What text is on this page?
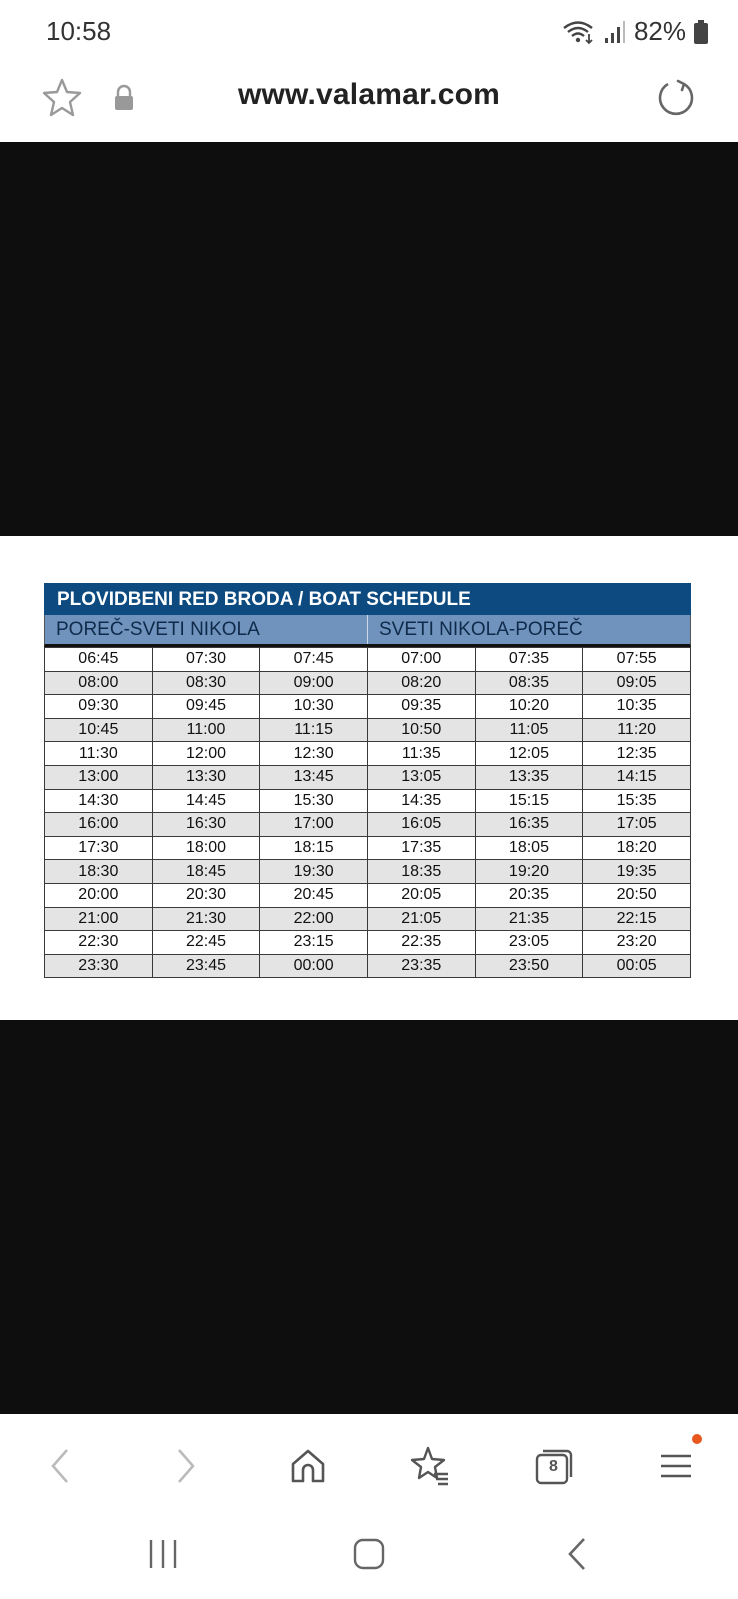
10:58	82%
www.valamar.com
PLOVIDBENI RED BRODA / BOAT SCHEDULE
POREČ-SVETI NIKOLA	SVETI NIKOLA-POREČ
06:45	07:30	07:45	07:00	07:35	07:55
08:00	08:30	09:00	08:20	08:35	09:05
09:30	09:45	10:30	09:35	10:20	10:35
10:45	11:00	11:15	10:50	11:05	11:20
11:30	12:00	12:30	11:35	12:05	12:35
13:00	13:30	13:45	13:05	13:35	14:15
14:30	14:45	15:30	14:35	15:15	15:35
16:00	16:30	17:00	16:05	16:35	17:05
17:30	18:00	18:15	17:35	18:05	18:20
18:30	18:45	19:30	18:35	19:20	19:35
20:00	20:30	20:45	20:05	20:35	20:50
21:00	21:30	22:00	21:05	21:35	22:15
22:30	22:45	23:15	22:35	23:05	23:20
23:30	23:45	00:00	23:35	23:50	00:05
8
